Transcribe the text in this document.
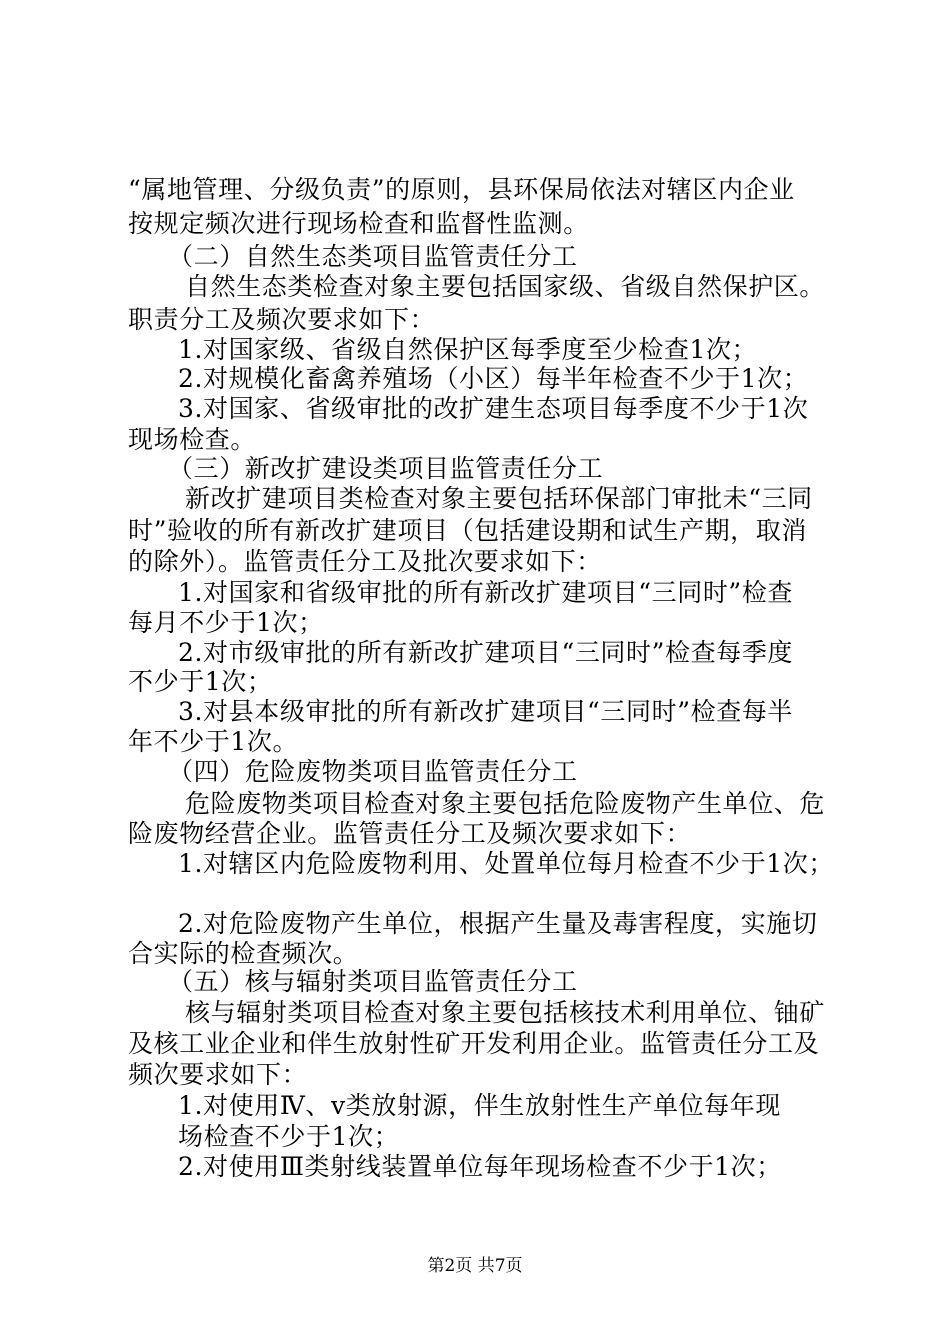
“属地管理、分级负责”的原则，县环保局依法对辖区内企业
按规定频次进行现场检查和监督性监测。
（二）自然生态类项目监管责任分工
自然生态类检查对象主要包括国家级、省级自然保护区。
职责分工及频次要求如下：
1.对国家级、省级自然保护区每季度至少检查1次；
2.对规模化畜禽养殖场（小区）每半年检查不少于1次；
3.对国家、省级审批的改扩建生态项目每季度不少于1次
现场检查。
（三）新改扩建设类项目监管责任分工
新改扩建项目类检查对象主要包括环保部门审批未“三同
时”验收的所有新改扩建项目（包括建设期和试生产期，取消
的除外）。监管责任分工及批次要求如下：
1.对国家和省级审批的所有新改扩建项目“三同时”检查
每月不少于1次；
2.对市级审批的所有新改扩建项目“三同时”检查每季度
不少于1次；
3.对县本级审批的所有新改扩建项目“三同时”检查每半
年不少于1次。
（四）危险废物类项目监管责任分工
危险废物类项目检查对象主要包括危险废物产生单位、危
险废物经营企业。监管责任分工及频次要求如下：
1.对辖区内危险废物利用、处置单位每月检查不少于1次；
2.对危险废物产生单位，根据产生量及毒害程度，实施切
合实际的检查频次。
（五）核与辐射类项目监管责任分工
核与辐射类项目检查对象主要包括核技术利用单位、铀矿
及核工业企业和伴生放射性矿开发利用企业。监管责任分工及
频次要求如下：
1.对使用Ⅳ、v类放射源，伴生放射性生产单位每年现
场检查不少于1次；
2.对使用Ⅲ类射线装置单位每年现场检查不少于1次；
第2页 共7页
